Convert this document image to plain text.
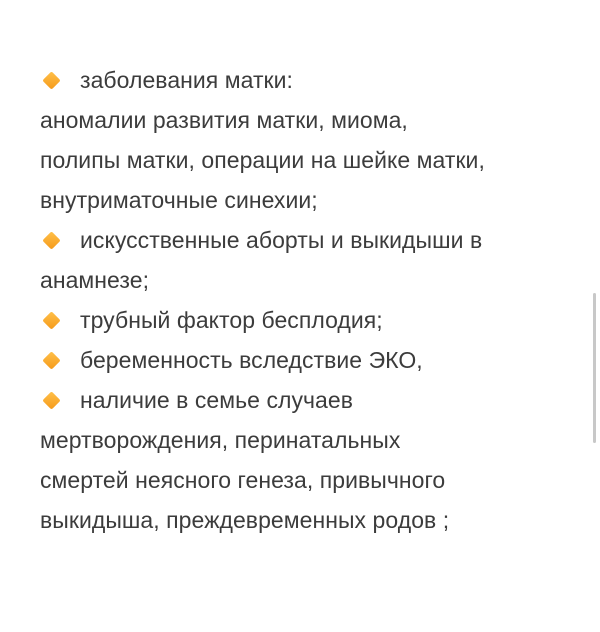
заболевания матки:
аномалии развития матки, миома,
полипы матки, операции на шейке матки,
внутриматочные синехии;
искусственные аборты и выкидыши в
анамнезе;
трубный фактор бесплодия;
беременность вследствие ЭКО,
наличие в семье случаев
мертворождения, перинатальных
смертей неясного генеза, привычного
выкидыша, преждевременных родов ;
